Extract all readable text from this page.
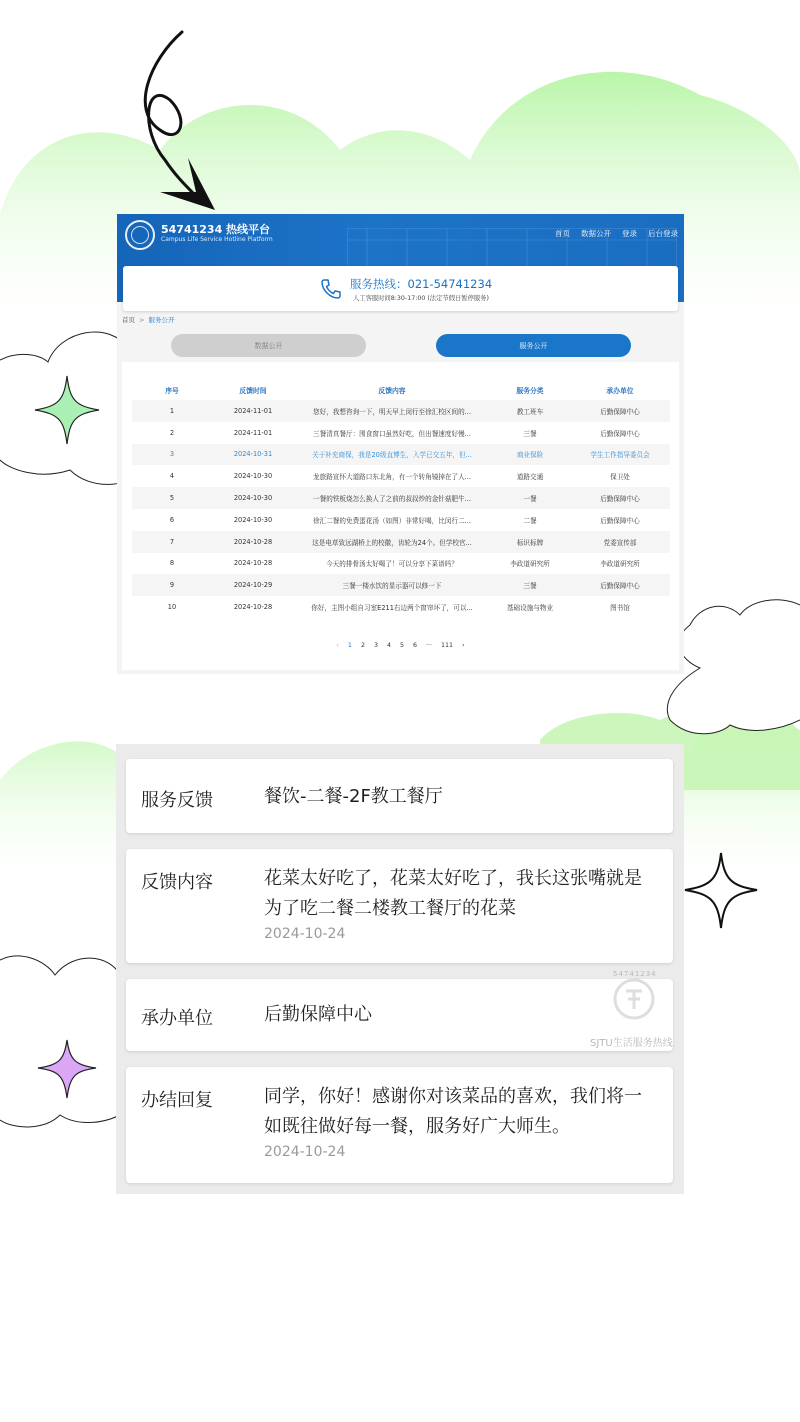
54741234 热线平台
Campus Life Service Hotline Platform
首页 数据公开 登录 后台登录
服务热线：021-54741234
人工客服时间8:30-17:00 (法定节假日暂停服务)
首页 > 服务公开
数据公开	服务公开
序号	反馈时间	反馈内容	服务分类	承办单位
1	2024-11-01	您好，我想咨询一下，明天早上闵行至徐汇校区间的...	教工班车	后勤保障中心
2	2024-11-01	三餐清真餐厅：围食窗口虽然好吃，但出餐速度好慢...	三餐	后勤保障中心
3	2024-10-31	关于补充商保，我是20级直博生，入学已交五年，但...	商业保险	学生工作指导委员会
4	2024-10-30	龙旅路宣怀大道路口东北角，有一个转角镜掉在了人...	道路交通	保卫处
5	2024-10-30	一餐的铁板烧怎么换人了之前的叔叔炒的金针菇肥牛...	一餐	后勤保障中心
6	2024-10-30	徐汇二餐的免费蛋花汤（如图）非常好喝，比闵行二...	二餐	后勤保障中心
7	2024-10-28	这是电草致远湖桥上的校徽，齿轮为24个。但学校官...	标识标牌	党委宣传部
8	2024-10-28	今天的排骨汤太好喝了！可以分享下菜谱吗？	李政道研究所	李政道研究所
9	2024-10-29	三餐一楼水饮的显示器可以修一下	三餐	后勤保障中心
10	2024-10-28	你好，主图小组自习室E211右边两个窗帘坏了，可以...	基础设施与物业	图书馆
‹ 1 2 3 4 5 6 ··· 111 ›
服务反馈	餐饮-二餐-2F教工餐厅
反馈内容	花菜太好吃了，花菜太好吃了，我长这张嘴就是为了吃二餐二楼教工餐厅的花菜
2024-10-24
承办单位	后勤保障中心
办结回复	同学，你好！感谢你对该菜品的喜欢，我们将一如既往做好每一餐，服务好广大师生。
2024-10-24
54741234
SJTU生活服务热线
